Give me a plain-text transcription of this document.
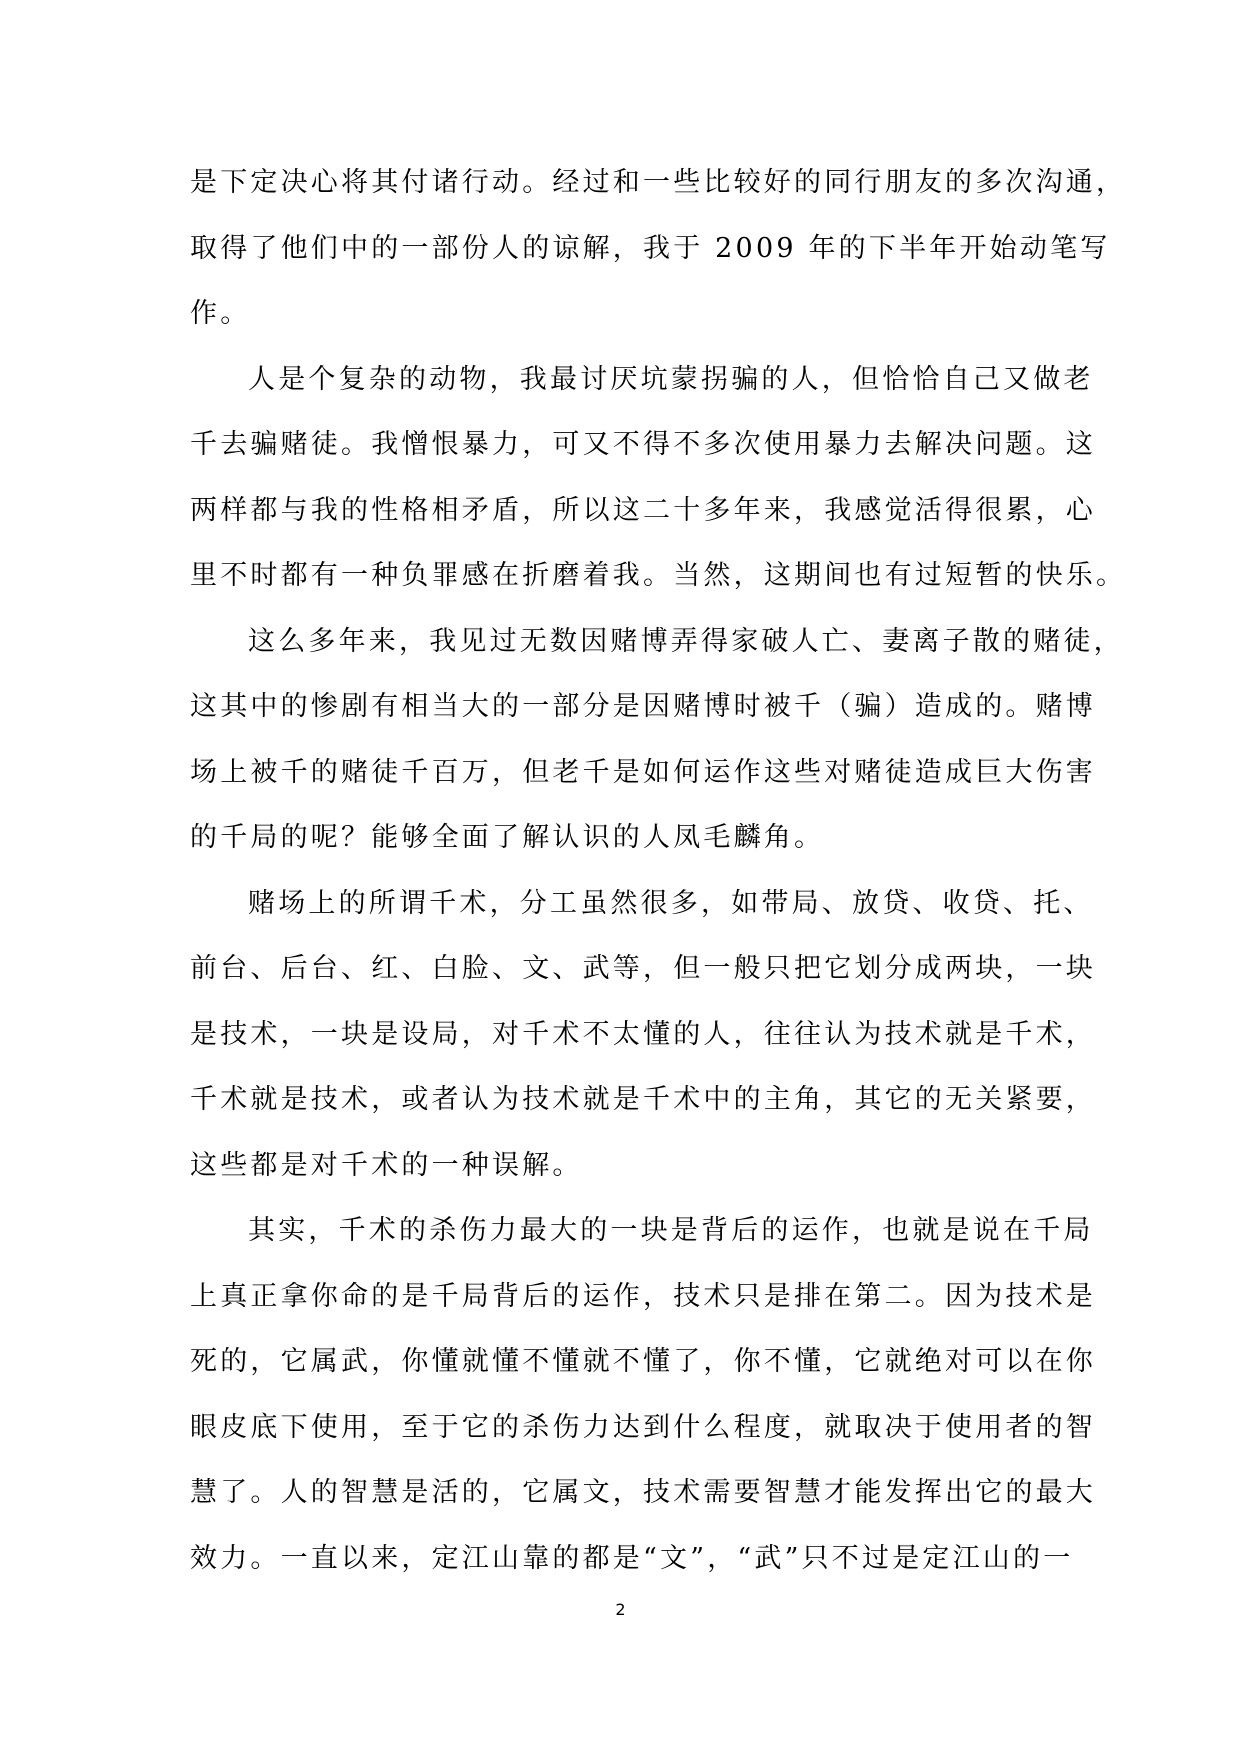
是下定决心将其付诸行动。经过和一些比较好的同行朋友的多次沟通，
取得了他们中的一部份人的谅解，我于 2009 年的下半年开始动笔写
作。
人是个复杂的动物，我最讨厌坑蒙拐骗的人，但恰恰自己又做老
千去骗赌徒。我憎恨暴力，可又不得不多次使用暴力去解决问题。这
两样都与我的性格相矛盾，所以这二十多年来，我感觉活得很累，心
里不时都有一种负罪感在折磨着我。当然，这期间也有过短暂的快乐。
这么多年来，我见过无数因赌博弄得家破人亡、妻离子散的赌徒，
这其中的惨剧有相当大的一部分是因赌博时被千（骗）造成的。赌博
场上被千的赌徒千百万，但老千是如何运作这些对赌徒造成巨大伤害
的千局的呢？能够全面了解认识的人凤毛麟角。
赌场上的所谓千术，分工虽然很多，如带局、放贷、收贷、托、
前台、后台、红、白脸、文、武等，但一般只把它划分成两块，一块
是技术，一块是设局，对千术不太懂的人，往往认为技术就是千术，
千术就是技术，或者认为技术就是千术中的主角，其它的无关紧要，
这些都是对千术的一种误解。
其实，千术的杀伤力最大的一块是背后的运作，也就是说在千局
上真正拿你命的是千局背后的运作，技术只是排在第二。因为技术是
死的，它属武，你懂就懂不懂就不懂了，你不懂，它就绝对可以在你
眼皮底下使用，至于它的杀伤力达到什么程度，就取决于使用者的智
慧了。人的智慧是活的，它属文，技术需要智慧才能发挥出它的最大
效力。一直以来，定江山靠的都是“文”，“武”只不过是定江山的一
2
